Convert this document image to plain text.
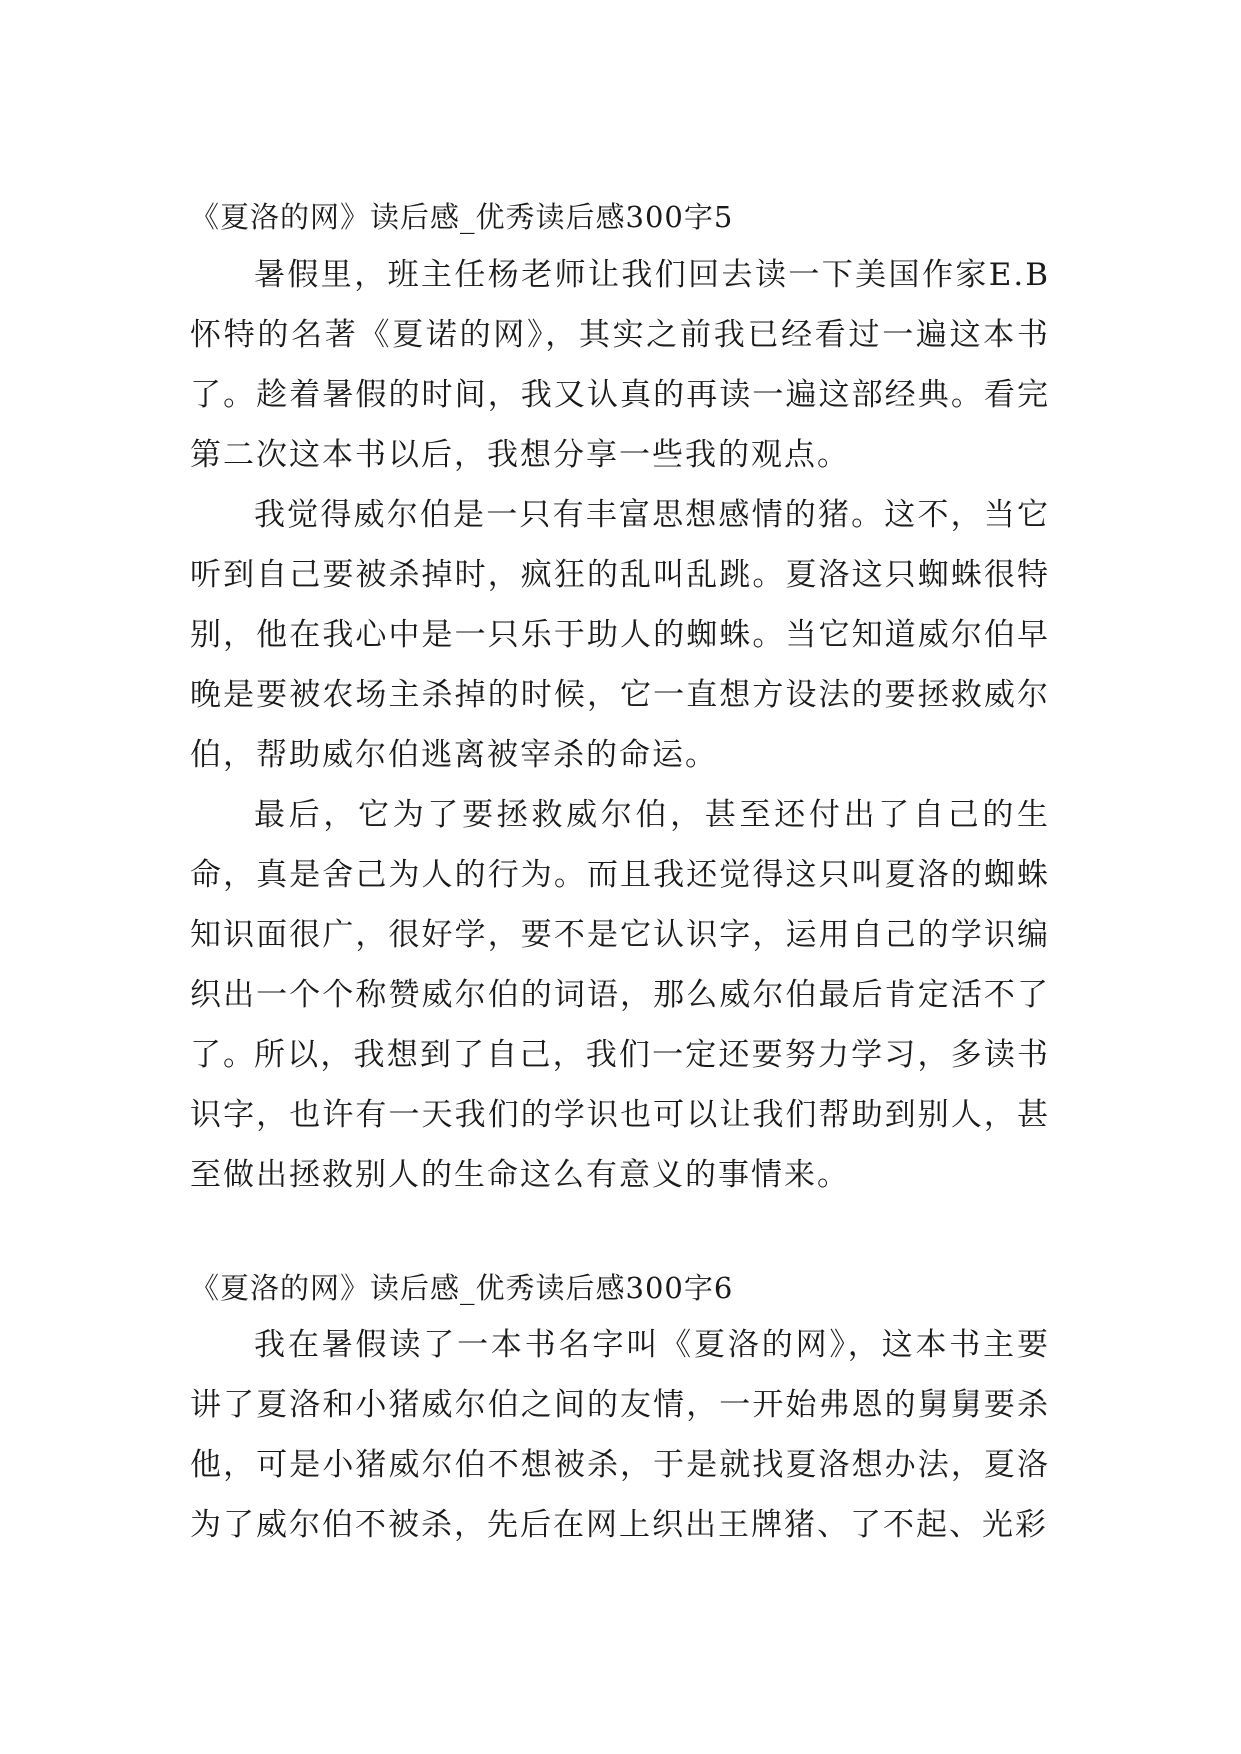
《夏洛的网》读后感_优秀读后感300字5

暑假里，班主任杨老师让我们回去读一下美国作家E.B怀特的名著《夏诺的网》，其实之前我已经看过一遍这本书了。趁着暑假的时间，我又认真的再读一遍这部经典。看完第二次这本书以后，我想分享一些我的观点。

我觉得威尔伯是一只有丰富思想感情的猪。这不，当它听到自己要被杀掉时，疯狂的乱叫乱跳。夏洛这只蜘蛛很特别，他在我心中是一只乐于助人的蜘蛛。当它知道威尔伯早晚是要被农场主杀掉的时候，它一直想方设法的要拯救威尔伯，帮助威尔伯逃离被宰杀的命运。

最后，它为了要拯救威尔伯，甚至还付出了自己的生命，真是舍己为人的行为。而且我还觉得这只叫夏洛的蜘蛛知识面很广，很好学，要不是它认识字，运用自己的学识编织出一个个称赞威尔伯的词语，那么威尔伯最后肯定活不了了。

所以，我想到了自己，我们一定还要努力学习，多读书识字，也许有一天我们的学识也可以让我们帮助到别人，甚至做出拯救别人的生命这么有意义的事情来。

《夏洛的网》读后感_优秀读后感300字6

我在暑假读了一本书名字叫《夏洛的网》，这本书主要讲了夏洛和小猪威尔伯之间的友情，一开始弗恩的舅舅要杀他，可是小猪威尔伯不想被杀，于是就找夏洛想办法，夏洛为了威尔伯不被杀，先后在网上织出王牌猪、了不起、光彩
